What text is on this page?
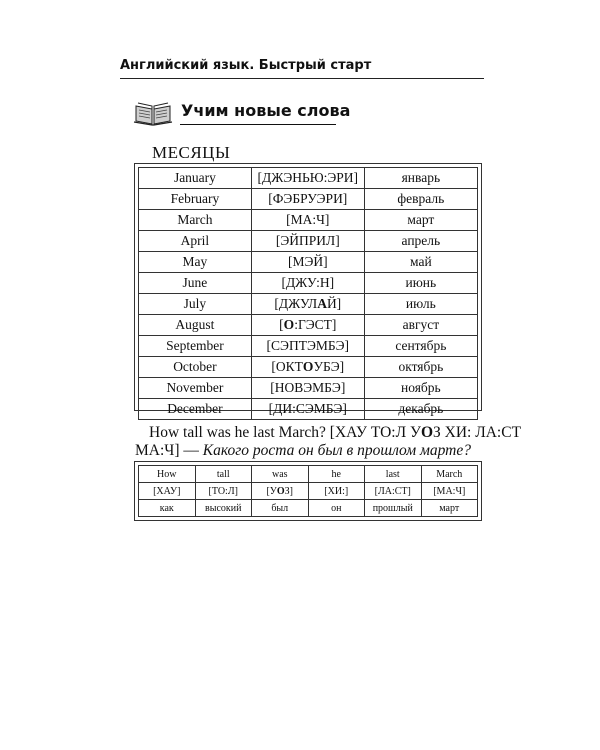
Английский язык. Быстрый старт
Учим новые слова
МЕСЯЦЫ
January	[ДЖЭНЬЮ:ЭРИ]	январь
February	[ФЭБРУЭРИ]	февраль
March	[МА:Ч]	март
April	[ЭЙПРИЛ]	апрель
May	[МЭЙ]	май
June	[ДЖУ:Н]	июнь
July	[ДЖУЛАЙ]	июль
August	[О:ГЭСТ]	август
September	[СЭПТЭМБЭ]	сентябрь
October	[ОКТОУБЭ]	октябрь
November	[НОВЭМБЭ]	ноябрь
December	[ДИ:СЭМБЭ]	декабрь
How tall was he last March? [ХАУ ТО:Л УОЗ ХИ: ЛА:СТ
МА:Ч] — Какого роста он был в прошлом марте?
How	tall	was	he	last	March
[ХАУ]	[ТО:Л]	[УОЗ]	[ХИ:]	[ЛА:СТ]	[МА:Ч]
как	высокий	был	он	прошлый	март
